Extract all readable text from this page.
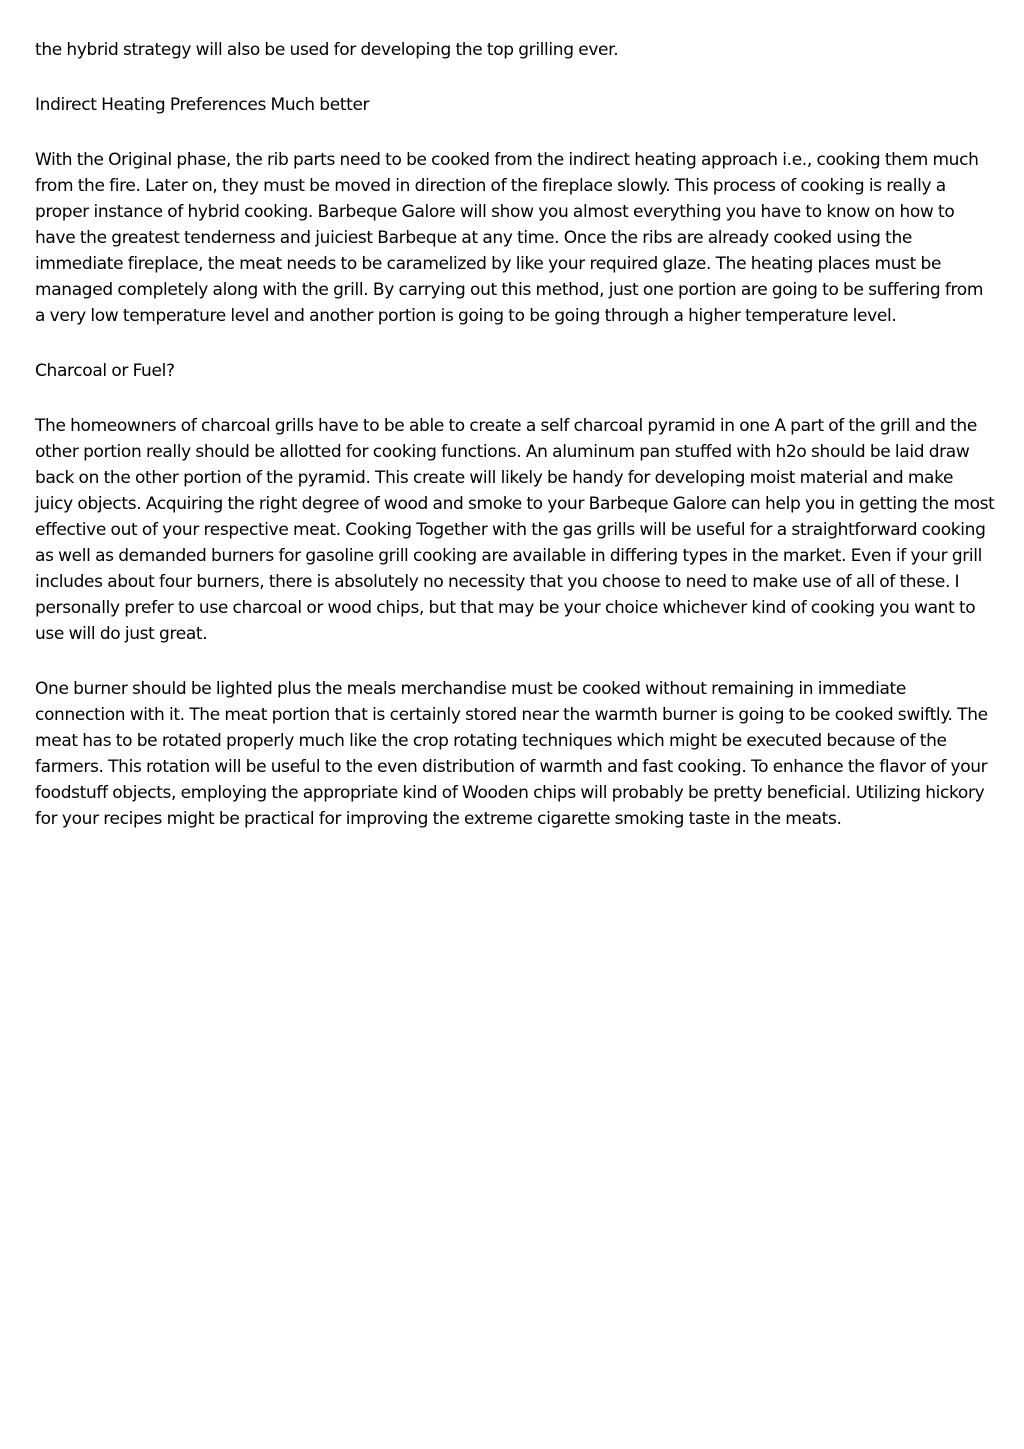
the hybrid strategy will also be used for developing the top grilling ever.

Indirect Heating Preferences Much better

With the Original phase, the rib parts need to be cooked from the indirect heating approach i.e., cooking them much from the fire. Later on, they must be moved in direction of the fireplace slowly. This process of cooking is really a proper instance of hybrid cooking. Barbeque Galore will show you almost everything you have to know on how to have the greatest tenderness and juiciest Barbeque at any time. Once the ribs are already cooked using the immediate fireplace, the meat needs to be caramelized by like your required glaze. The heating places must be managed completely along with the grill. By carrying out this method, just one portion are going to be suffering from a very low temperature level and another portion is going to be going through a higher temperature level.

Charcoal or Fuel?

The homeowners of charcoal grills have to be able to create a self charcoal pyramid in one A part of the grill and the other portion really should be allotted for cooking functions. An aluminum pan stuffed with h2o should be laid draw back on the other portion of the pyramid. This create will likely be handy for developing moist material and make juicy objects. Acquiring the right degree of wood and smoke to your Barbeque Galore can help you in getting the most effective out of your respective meat. Cooking Together with the gas grills will be useful for a straightforward cooking as well as demanded burners for gasoline grill cooking are available in differing types in the market. Even if your grill includes about four burners, there is absolutely no necessity that you choose to need to make use of all of these. I personally prefer to use charcoal or wood chips, but that may be your choice whichever kind of cooking you want to use will do just great.

One burner should be lighted plus the meals merchandise must be cooked without remaining in immediate connection with it. The meat portion that is certainly stored near the warmth burner is going to be cooked swiftly. The meat has to be rotated properly much like the crop rotating techniques which might be executed because of the farmers. This rotation will be useful to the even distribution of warmth and fast cooking. To enhance the flavor of your foodstuff objects, employing the appropriate kind of Wooden chips will probably be pretty beneficial. Utilizing hickory for your recipes might be practical for improving the extreme cigarette smoking taste in the meats.
